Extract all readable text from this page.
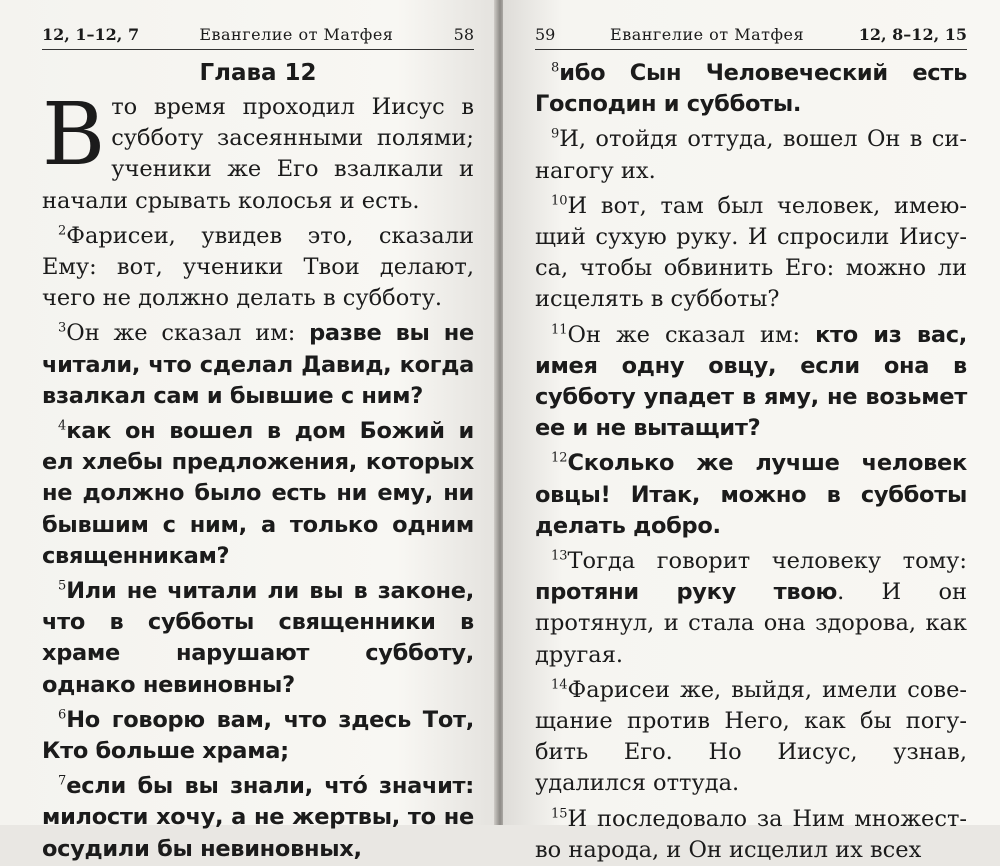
12, 1–12, 7	Евангелие от Матфея	58
Глава 12

Вто время проходил Иисус в субботу засеянными полями; ученики же Его взалкали и начали срывать колосья и есть.

$^2$Фарисеи, увидев это, сказали Ему: вот, ученики Твои делают, чего не должно делать в субботу.

$^3$Он же сказал им: разве вы не читали, что сделал Давид, когда взалкал сам и бывшие с ним?

$^4$как он вошел в дом Божий и ел хлебы предложения, которых не должно было есть ни ему, ни бывшим с ним, а только одним священникам?

$^5$Или не читали ли вы в законе, что в субботы священники в храме нарушают субботу, однако невиновны?

$^6$Но говорю вам, что здесь Тот, Кто больше храма;

$^7$если бы вы знали, что́ значит: милости хочу, а не жертвы, то не осудили бы невиновных,

59	Евангелие от Матфея	12, 8–12, 15

$^8$ибо Сын Человеческий есть Господин и субботы.

$^9$И, отойдя оттуда, вошел Он в синагогу их.

$^{10}$И вот, там был человек, имеющий сухую руку. И спросили Иисуса, чтобы обвинить Его: можно ли исцелять в субботы?

$^{11}$Он же сказал им: кто из вас, имея одну овцу, если она в субботу упадет в яму, не возьмет ее и не вытащит?

$^{12}$Сколько же лучше человек овцы! Итак, можно в субботы делать добро.

$^{13}$Тогда говорит человеку тому: протяни руку твою. И он протянул, и стала она здорова, как другая.

$^{14}$Фарисеи же, выйдя, имели совещание против Него, как бы погубить Его. Но Иисус, узнав, удалился оттуда.

$^{15}$И последовало за Ним множество народа, и Он исцелил их всех
